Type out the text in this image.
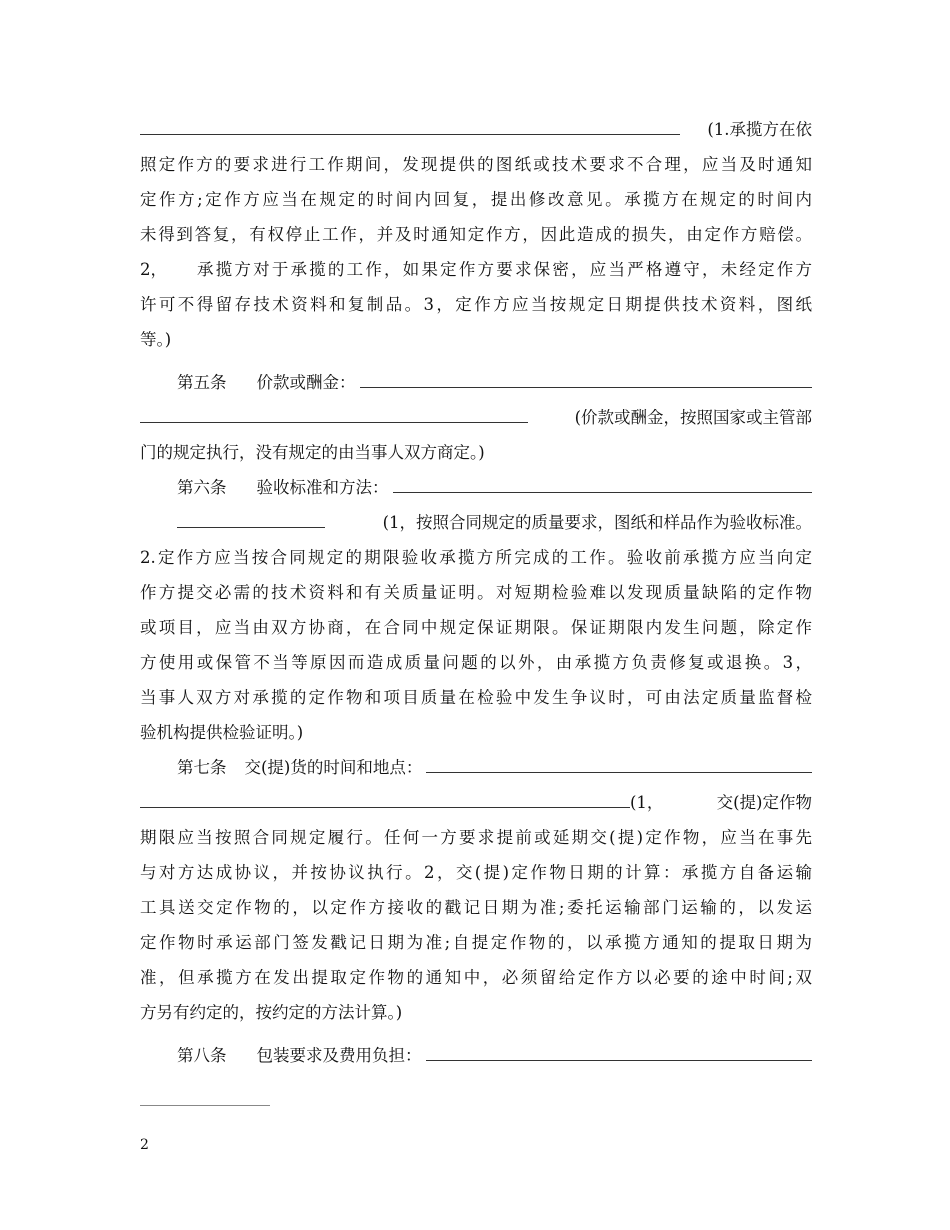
(1.承揽方在依
照定作方的要求进行工作期间，发现提供的图纸或技术要求不合理，应当及时通知
定作方;定作方应当在规定的时间内回复，提出修改意见。承揽方在规定的时间内
未得到答复，有权停止工作，并及时通知定作方，因此造成的损失，由定作方赔偿。
2， 承揽方对于承揽的工作，如果定作方要求保密，应当严格遵守，未经定作方
许可不得留存技术资料和复制品。3，定作方应当按规定日期提供技术资料，图纸
等。)
第五条 价款或酬金：
(价款或酬金，按照国家或主管部
门的规定执行，没有规定的由当事人双方商定。)
第六条 验收标准和方法：
(1，按照合同规定的质量要求，图纸和样品作为验收标准。
2.定作方应当按合同规定的期限验收承揽方所完成的工作。验收前承揽方应当向定
作方提交必需的技术资料和有关质量证明。对短期检验难以发现质量缺陷的定作物
或项目，应当由双方协商，在合同中规定保证期限。保证期限内发生问题，除定作
方使用或保管不当等原因而造成质量问题的以外，由承揽方负责修复或退换。3，
当事人双方对承揽的定作物和项目质量在检验中发生争议时，可由法定质量监督检
验机构提供检验证明。)
第七条 交(提)货的时间和地点：
(1，	交(提)定作物
期限应当按照合同规定履行。任何一方要求提前或延期交(提)定作物，应当在事先
与对方达成协议，并按协议执行。2，交(提)定作物日期的计算：承揽方自备运输
工具送交定作物的，以定作方接收的戳记日期为准;委托运输部门运输的，以发运
定作物时承运部门签发戳记日期为准;自提定作物的，以承揽方通知的提取日期为
准，但承揽方在发出提取定作物的通知中，必须留给定作方以必要的途中时间;双
方另有约定的，按约定的方法计算。)
第八条 包装要求及费用负担：
2
